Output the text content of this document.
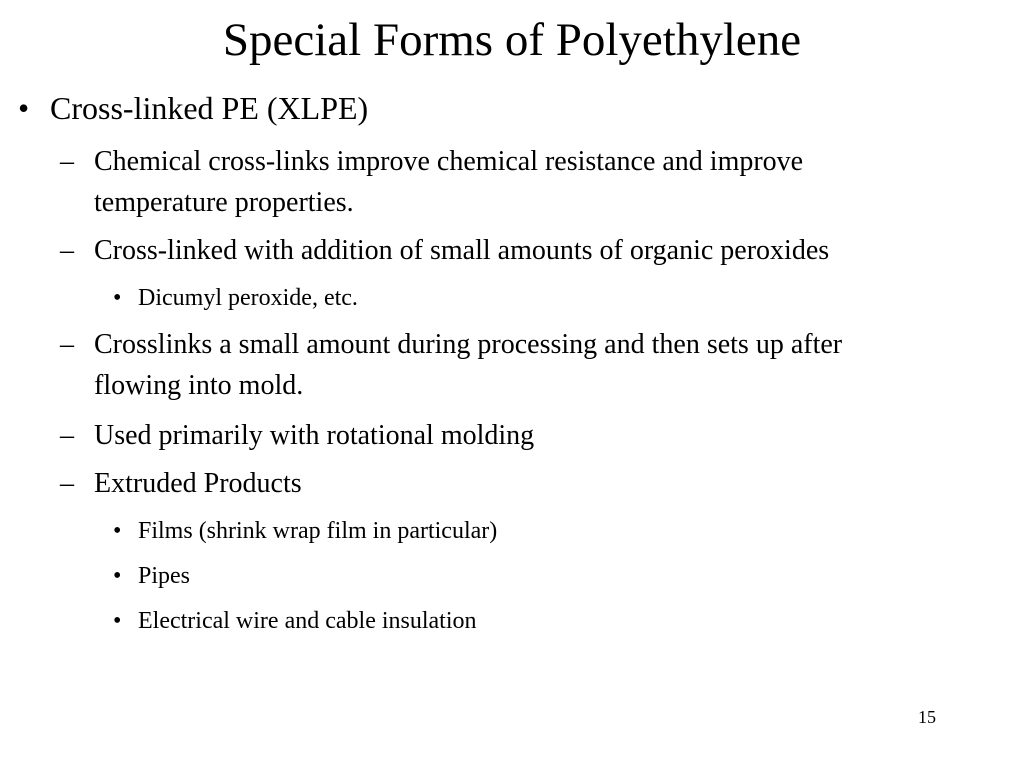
Special Forms of Polyethylene
• Cross-linked PE (XLPE)
– Chemical cross-links improve chemical resistance and improve
temperature properties.
– Cross-linked with addition of small amounts of organic peroxides
• Dicumyl peroxide, etc.
– Crosslinks a small amount during processing and then sets up after
flowing into mold.
– Used primarily with rotational molding
– Extruded Products
• Films (shrink wrap film in particular)
• Pipes
• Electrical wire and cable insulation
15
